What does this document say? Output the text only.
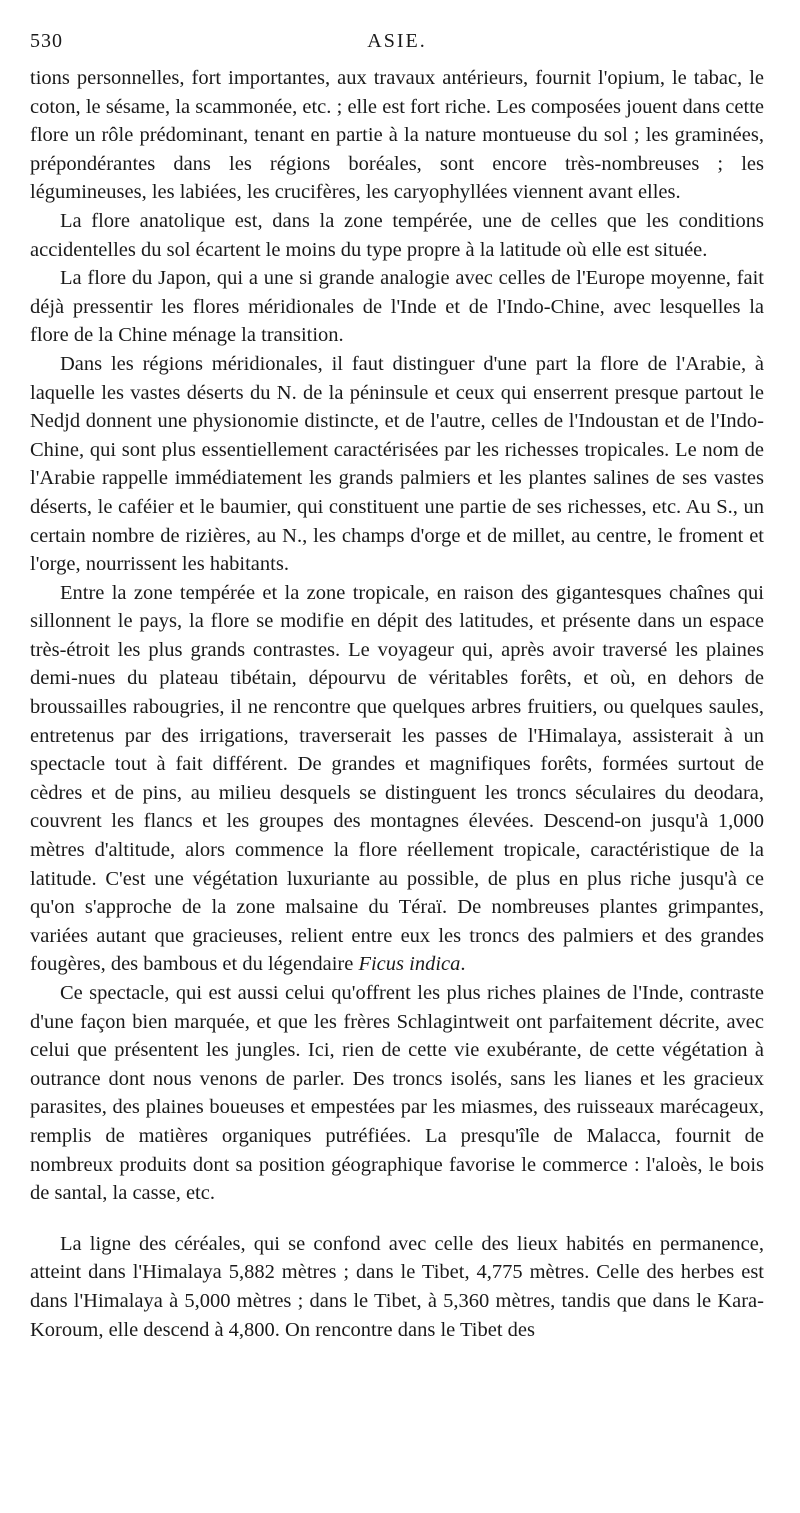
530	ASIE.

tions personnelles, fort importantes, aux travaux antérieurs, fournit l'opium, le tabac, le coton, le sésame, la scammonée, etc. ; elle est fort riche. Les composées jouent dans cette flore un rôle prédominant, tenant en partie à la nature montueuse du sol ; les graminées, prépondérantes dans les régions boréales, sont encore très-nombreuses ; les légumineuses, les labiées, les crucifères, les caryophyllées viennent avant elles.

La flore anatolique est, dans la zone tempérée, une de celles que les conditions accidentelles du sol écartent le moins du type propre à la latitude où elle est située.

La flore du Japon, qui a une si grande analogie avec celles de l'Europe moyenne, fait déjà pressentir les flores méridionales de l'Inde et de l'Indo-Chine, avec lesquelles la flore de la Chine ménage la transition.

Dans les régions méridionales, il faut distinguer d'une part la flore de l'Arabie, à laquelle les vastes déserts du N. de la péninsule et ceux qui enserrent presque partout le Nedjd donnent une physionomie distincte, et de l'autre, celles de l'Indoustan et de l'Indo-Chine, qui sont plus essentiellement caractérisées par les richesses tropicales. Le nom de l'Arabie rappelle immédiatement les grands palmiers et les plantes salines de ses vastes déserts, le caféier et le baumier, qui constituent une partie de ses richesses, etc. Au S., un certain nombre de rizières, au N., les champs d'orge et de millet, au centre, le froment et l'orge, nourrissent les habitants.

Entre la zone tempérée et la zone tropicale, en raison des gigantesques chaînes qui sillonnent le pays, la flore se modifie en dépit des latitudes, et présente dans un espace très-étroit les plus grands contrastes. Le voyageur qui, après avoir traversé les plaines demi-nues du plateau tibétain, dépourvu de véritables forêts, et où, en dehors de broussailles rabougries, il ne rencontre que quelques arbres fruitiers, ou quelques saules, entretenus par des irrigations, traverserait les passes de l'Himalaya, assisterait à un spectacle tout à fait différent. De grandes et magnifiques forêts, formées surtout de cèdres et de pins, au milieu desquels se distinguent les troncs séculaires du deodara, couvrent les flancs et les groupes des montagnes élevées. Descend-on jusqu'à 1,000 mètres d'altitude, alors commence la flore réellement tropicale, caractéristique de la latitude. C'est une végétation luxuriante au possible, de plus en plus riche jusqu'à ce qu'on s'approche de la zone malsaine du Téraï. De nombreuses plantes grimpantes, variées autant que gracieuses, relient entre eux les troncs des palmiers et des grandes fougères, des bambous et du légendaire Ficus indica.

Ce spectacle, qui est aussi celui qu'offrent les plus riches plaines de l'Inde, contraste d'une façon bien marquée, et que les frères Schlagintweit ont parfaitement décrite, avec celui que présentent les jungles. Ici, rien de cette vie exubérante, de cette végétation à outrance dont nous venons de parler. Des troncs isolés, sans les lianes et les gracieux parasites, des plaines boueuses et empestées par les miasmes, des ruisseaux marécageux, remplis de matières organiques putréfiées. La presqu'île de Malacca, fournit de nombreux produits dont sa position géographique favorise le commerce : l'aloès, le bois de santal, la casse, etc.

La ligne des céréales, qui se confond avec celle des lieux habités en permanence, atteint dans l'Himalaya 5,882 mètres ; dans le Tibet, 4,775 mètres. Celle des herbes est dans l'Himalaya à 5,000 mètres ; dans le Tibet, à 5,360 mètres, tandis que dans le Kara-Koroum, elle descend à 4,800. On rencontre dans le Tibet des
